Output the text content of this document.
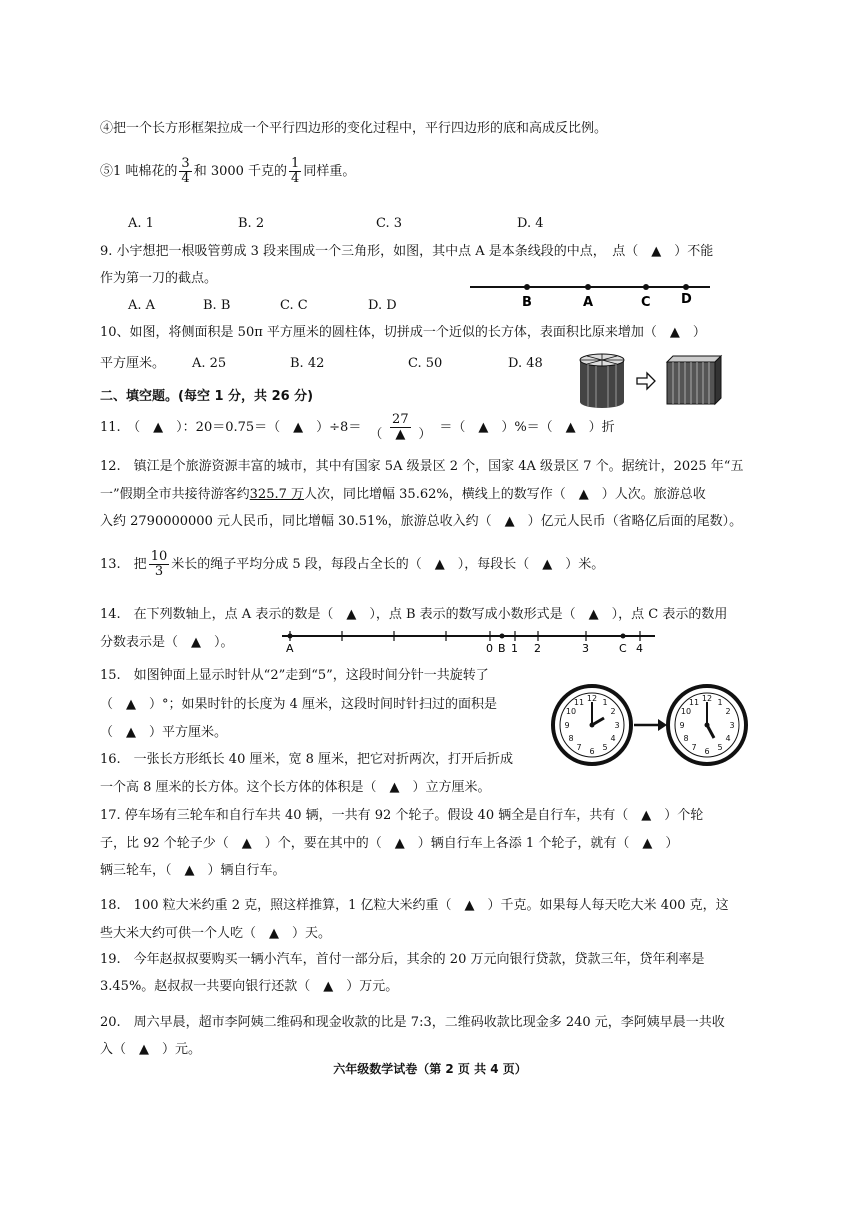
④把一个长方形框架拉成一个平行四边形的变化过程中，平行四边形的底和高成反比例。
⑤1 吨棉花的 $\frac{3}{4}$ 和 3000 千克的 $\frac{1}{4}$ 同样重。
A. 1	B. 2	C. 3	D. 4
9. 小宇想把一根吸管剪成 3 段来围成一个三角形，如图，其中点 A 是本条线段的中点，　点（　▲　）不能
作为第一刀的截点。
A. A	B. B	C. C	D. D	B	A	C D
10、如图，将侧面积是 50π 平方厘米的圆柱体，切拼成一个近似的长方体，表面积比原来增加（　▲　）
平方厘米。 A. 25	B. 42	C. 50	D. 48
二、填空题。(每空 1 分，共 26 分)
11.　（　▲　）：20＝0.75＝（　▲　）$\div 8= \frac{27}{( ▲ )}$ ＝（　▲　）%＝（　▲　）折
12.　镇江是个旅游资源丰富的城市，其中有国家 5A 级景区 2 个，国家 4A 级景区 7 个。据统计，2025 年“五
一”假期全市共接待游客约325.7 万人次，同比增幅 35.62%，横线上的数写作（　▲　）人次。旅游总收
入约 2790000000 元人民币，同比增幅 30.51%，旅游总收入约（　▲　）亿元人民币（省略亿后面的尾数）。
13.　把 $\frac{10}{3}$ 米长的绳子平均分成 5 段，每段占全长的（　▲　），每段长（　▲　）米。
14.　在下列数轴上，点 A 表示的数是（　▲　），点 B 表示的数写成小数形式是（　▲　），点 C 表示的数用
分数表示是（　▲　）。	A	0 B 1 2	3	C 4
15.　如图钟面上显示时针从“2”走到“5”，这段时间分针一共旋转了
（　▲　）°；如果时针的长度为 4 厘米，这段时间时针扫过的面积是
（　▲　）平方厘米。
12 1
2
3
4
5
6
7
8
9
10
11	12 1
2
3
4
5
6
7
8
9
10
11
16.　一张长方形纸长 40 厘米，宽 8 厘米，把它对折两次，打开后折成
一个高 8 厘米的长方体。这个长方体的体积是（　▲　）立方厘米。
17. 停车场有三轮车和自行车共 40 辆，一共有 92 个轮子。假设 40 辆全是自行车，共有（　▲　）个轮
子，比 92 个轮子少（　▲　）个，要在其中的（　▲　）辆自行车上各添 1 个轮子，就有（　▲　）
辆三轮车，（　▲　）辆自行车。
18.　100 粒大米约重 2 克，照这样推算，1 亿粒大米约重（　▲　）千克。如果每人每天吃大米 400 克，这
些大米大约可供一个人吃（　▲　）天。
19.　今年赵叔叔要购买一辆小汽车，首付一部分后，其余的 20 万元向银行贷款，贷款三年，贷年利率是
3.45%。赵叔叔一共要向银行还款（　▲　）万元。
20.　周六早晨，超市李阿姨二维码和现金收款的比是 7:3，二维码收款比现金多 240 元，李阿姨早晨一共收
入（　▲　）元。
六年级数学试卷（第 2 页 共 4 页）
